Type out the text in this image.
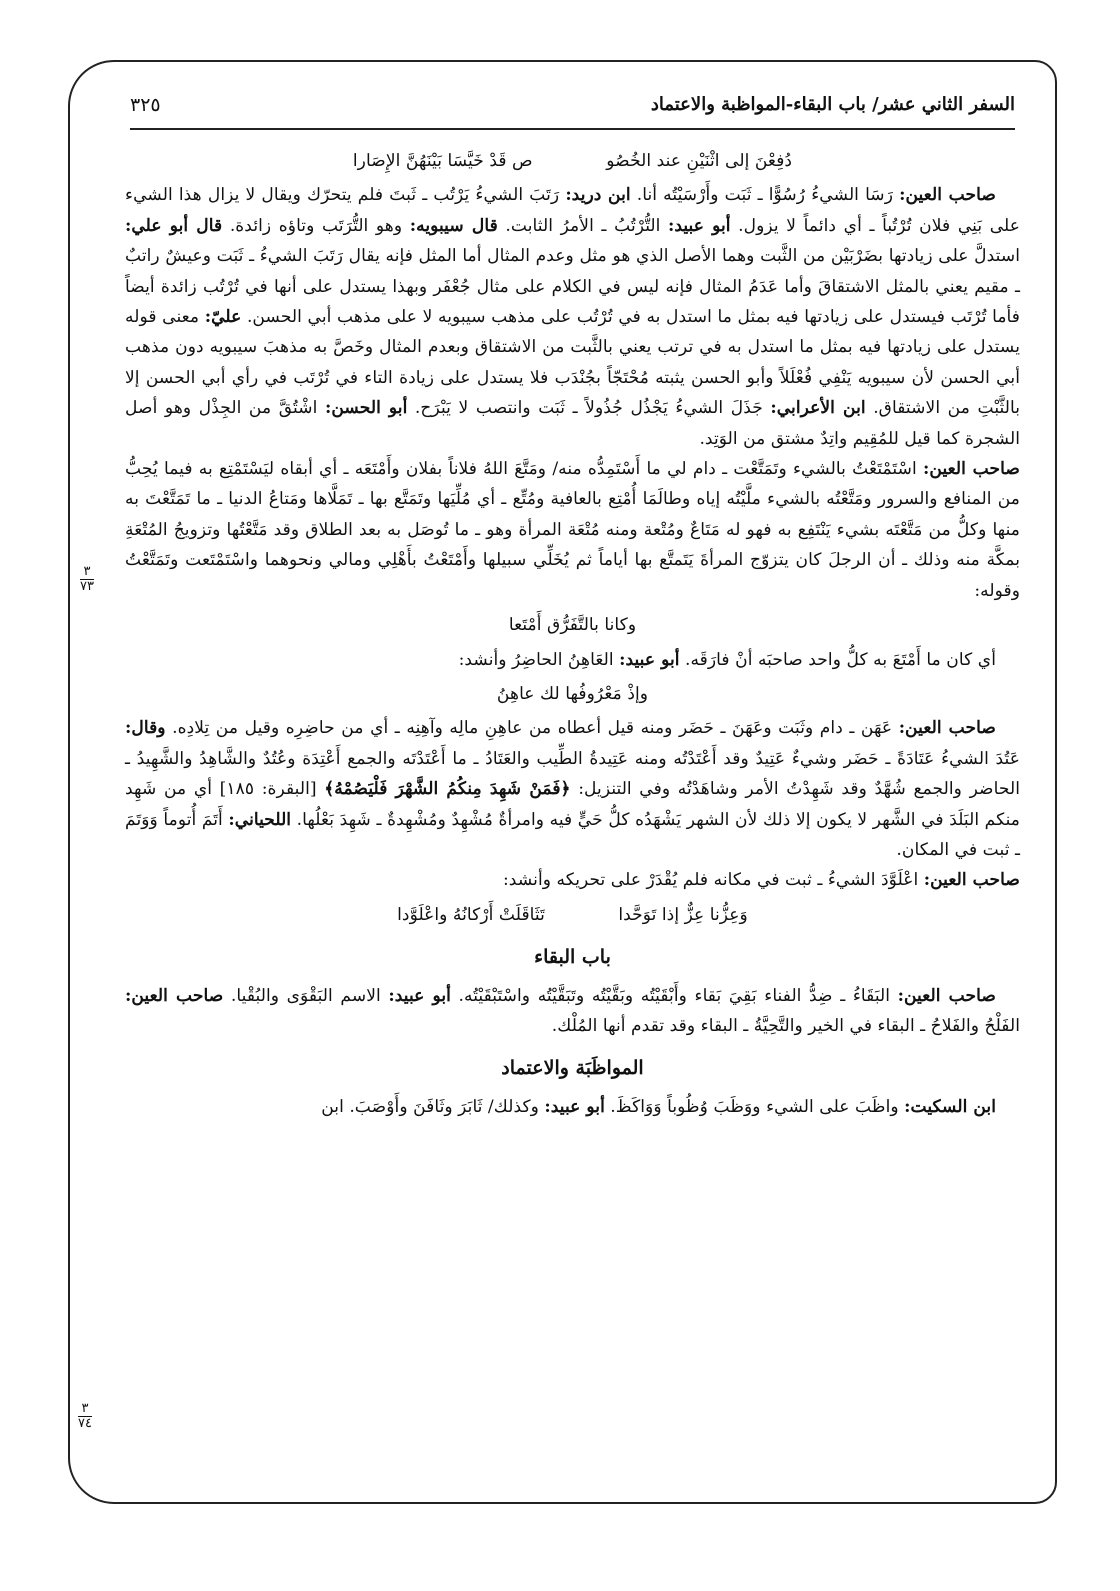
السفر الثاني عشر/ باب البقاء-المواظبة والاعتماد
٣٢٥
٣
٧٣
٣
٧٤
دُفِعْنَ إلى اثْنَيْنِ عند الخُصُو ص قَدْ خَيَّسَا بَيْنَهُنَّ الإِصَارا

صاحب العين: رَسَا الشيءُ رُسُوًّا ـ ثَبَت وأَرْسَيْتُه أنا. ابن دريد: رَتَبَ الشيءُ يَرْتُب ـ ثَبتَ فلم يتحرّك ويقال لا يزال هذا الشيء على بَنِي فلان تُرْتُباً ـ أي دائماً لا يزول. أبو عبيد: التُّرْتُبُ ـ الأمرُ الثابت. قال سيبويه: وهو التُّرَتَب وتاؤه زائدة. قال أبو علي: استدلَّ على زيادتها بضَرْبَيْن من الثَّبت وهما الأصل الذي هو مثل وعدم المثال أما المثل فإنه يقال رَتَبَ الشيءُ ـ ثَبَت وعيشٌ راتبٌ ـ مقيم يعني بالمثل الاشتقاقَ وأما عَدَمُ المثال فإنه ليس في الكلام على مثال جُعْفَر وبهذا يستدل على أنها في تُرْتُب زائدة أيضاً فأما تُرْتَب فيستدل على زيادتها فيه بمثل ما استدل به في تُرْتُب على مذهب سيبويه لا على مذهب أبي الحسن. عليّ: معنى قوله يستدل على زيادتها فيه بمثل ما استدل به في ترتب يعني بالثَّبت من الاشتقاق وبعدم المثال وخَصَّ به مذهبَ سيبويه دون مذهب أبي الحسن لأن سيبويه يَنْفِي فُعْلَلاً وأبو الحسن يثبته مُحْتَجّاً بجُنْدَب فلا يستدل على زيادة التاء في تُرْتَب في رأي أبي الحسن إلا بالثَّبْتِ من الاشتقاق. ابن الأعرابي: جَذَلَ الشيءُ يَجْذُل جُذُولاً ـ ثَبَت وانتصب لا يَبْرَح. أبو الحسن: اشْتُقَّ من الجِذْل وهو أصل الشجرة كما قيل للمُقِيم واتِدٌ مشتق من الوَتِد.

صاحب العين: اسْتَمْتَعْتُ بالشيء وتَمَتَّعْت ـ دام لي ما أَسْتَمِدُّه منه/ ومَتَّعَ اللهُ فلاناً بفلان وأَمْتَعَه ـ أي أبقاه ليَسْتَمْتِع به فيما يُحِبُّ من المنافع والسرور ومَتَّعْتُه بالشيء ملَّيْتُه إياه وطالَمَا أُمْتِع بالعافية ومُتِّع ـ أي مُلِّيَها وتَمَتَّع بها ـ تَمَلَّاها ومَتاعُ الدنيا ـ ما تَمَتَّعْتَ به منها وكلُّ من مَتَّعْتَه بشيء يَنْتَفِع به فهو له مَتَاعٌ ومُتْعة ومنه مُتْعَة المرأة وهو ـ ما تُوصَل به بعد الطلاق وقد مَتَّعْتُها وتزويجُ المُتْعَةِ بمكَّة منه وذلك ـ أن الرجلَ كان يتزوّج المرأةَ يَتَمتَّع بها أياماً ثم يُخَلِّي سبيلها وأَمْتَعْتُ بأَهْلِي ومالي ونحوهما واسْتَمْتَعت وتَمَتَّعْتُ وقوله:

وكانا بالتَّفَرُّق أَمْتَعا

أي كان ما أَمْتَعَ به كلُّ واحد صاحبَه أنْ فارَقَه. أبو عبيد: العَاهِنُ الحاضِرُ وأنشد:

وإذْ مَعْرُوفُها لك عاهِنُ

صاحب العين: عَهَن ـ دام وثَبَت وعَهَنَ ـ حَضَر ومنه قيل أعطاه من عاهِنِ مالِه وآهِنِه ـ أي من حاضِرِه وقيل من تِلادِه. وقال: عَتُدَ الشيءُ عَتَادَةً ـ حَضَر وشيءٌ عَتِيدٌ وقد أَعْتَدْتُه ومنه عَتِيدةُ الطِّيب والعَتَادُ ـ ما أَعْتَدْتَه والجمع أَعْتِدَة وعُتُدٌ والشَّاهِدُ والشَّهِيدُ ـ الحاضر والجمع شُهَّدٌ وقد شَهِدْتُ الأمر وشاهَدْتُه وفي التنزيل: ﴿فَمَنْ شَهِدَ مِنكُمُ الشَّهْرَ فَلْيَصُمْهُ﴾ [البقرة: ١٨٥] أي من شَهِد منكم البَلَدَ في الشَّهر لا يكون إلا ذلك لأن الشهر يَشْهَدُه كلُّ حَيٍّ فيه وامرأةٌ مُشْهِدٌ ومُشْهِدةٌ ـ شَهِدَ بَعْلُها. اللحياني: أَتَمَ أُتوماً وَوَتَمَ ـ ثبت في المكان.

صاحب العين: اعْلَوَّدَ الشيءُ ـ ثبت في مكانه فلم يُقْدَرْ على تحريكه وأنشد:

وَعِزُّنا عِزٌّ إذا تَوَحَّدا تَثَاقَلَتْ أَرْكانُهُ واعْلَوَّدا
باب البقاء

صاحب العين: البَقَاءُ ـ ضِدُّ الفناء بَقِيَ بَقاء وأَبْقَيْتُه وبَقَّيْتُه وتَبَقَّيْتُه واسْتَبْقَيْتُه. أبو عبيد: الاسم البَقْوَى والبُقْيا. صاحب العين: الفَلْحُ والفَلاحُ ـ البقاء في الخير والتَّحِيَّةُ ـ البقاء وقد تقدم أنها المُلْك.

المواظَبَة والاعتماد

ابن السكيت: واظَبَ على الشيء ووَظَبَ وُظُوباً وَوَاكَظَ. أبو عبيد: وكذلك/ ثَابَرَ وثَافَنَ وأَوْصَبَ. ابن
